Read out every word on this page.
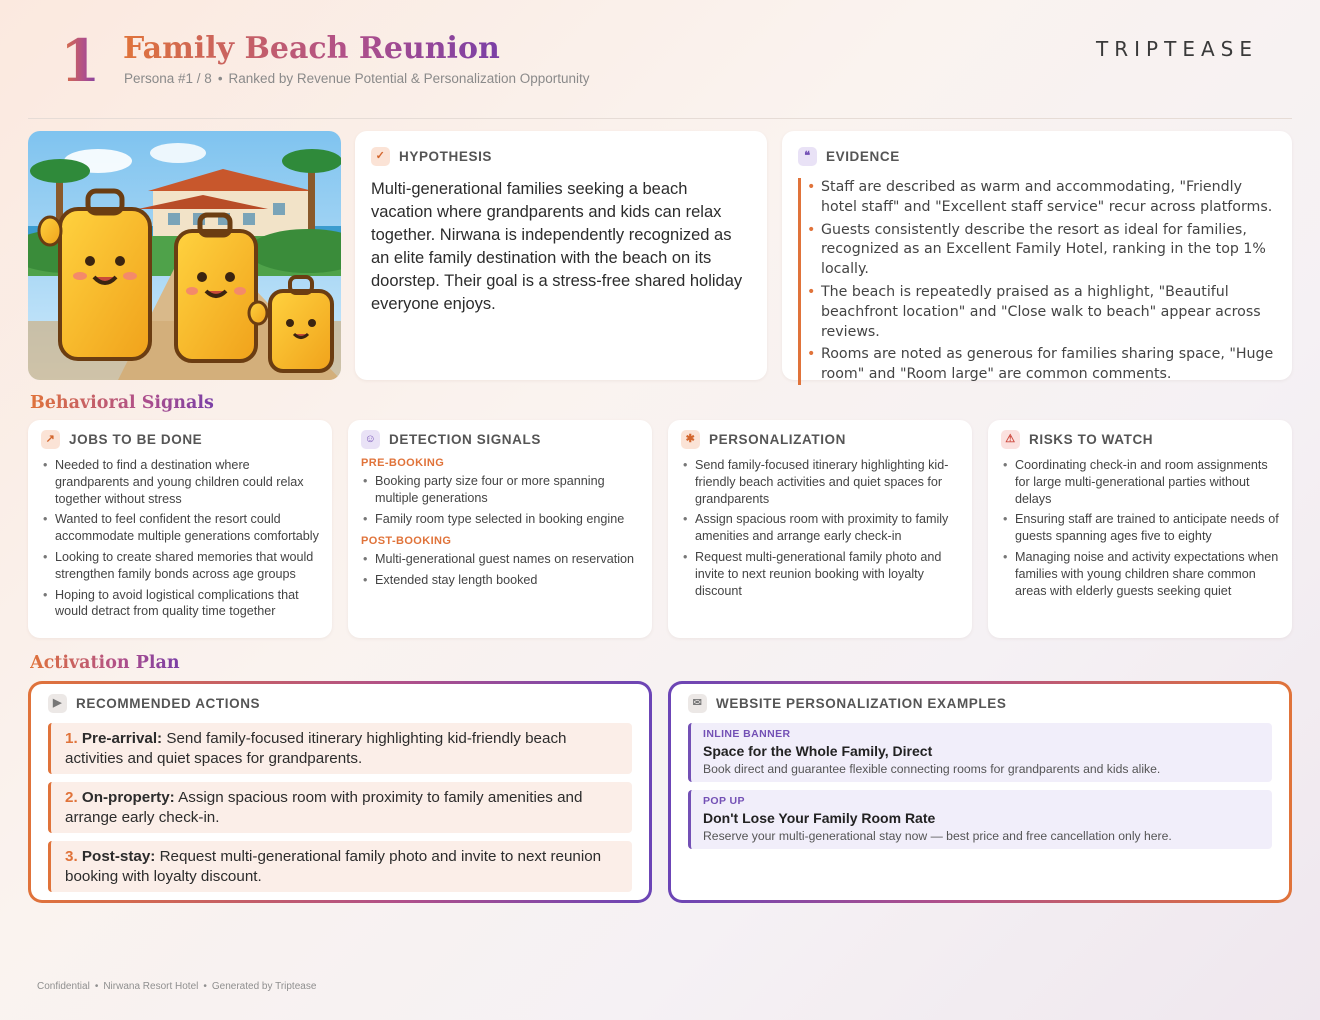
1 Family Beach Reunion
Persona #1 / 8 • Ranked by Revenue Potential & Personalization Opportunity
TRIPTEASE
✓	HYPOTHESIS
Multi-generational families seeking a beach vacation where grandparents and kids can relax together. Nirwana is independently recognized as an elite family destination with the beach on its doorstep. Their goal is a stress-free shared holiday everyone enjoys.
❝	EVIDENCE
• Staff are described as warm and accommodating, "Friendly hotel staff" and "Excellent staff service" recur across platforms.
• Guests consistently describe the resort as ideal for families, recognized as an Excellent Family Hotel, ranking in the top 1% locally.
• The beach is repeatedly praised as a highlight, "Beautiful beachfront location" and "Close walk to beach" appear across reviews.
• Rooms are noted as generous for families sharing space, "Huge room" and "Room large" are common comments.
Behavioral Signals
↗	JOBS TO BE DONE
• Needed to find a destination where grandparents and young children could relax together without stress
• Wanted to feel confident the resort could accommodate multiple generations comfortably
• Looking to create shared memories that would strengthen family bonds across age groups
• Hoping to avoid logistical complications that would detract from quality time together
☺ DETECTION SIGNALS
PRE-BOOKING
• Booking party size four or more spanning multiple generations
• Family room type selected in booking engine
POST-BOOKING
• Multi-generational guest names on reservation
• Extended stay length booked
✱	PERSONALIZATION
• Send family-focused itinerary highlighting kid-friendly beach activities and quiet spaces for grandparents
• Assign spacious room with proximity to family amenities and arrange early check-in
• Request multi-generational family photo and invite to next reunion booking with loyalty discount
⚠ RISKS TO WATCH
• Coordinating check-in and room assignments for large multi-generational parties without delays
• Ensuring staff are trained to anticipate needs of guests spanning ages five to eighty
• Managing noise and activity expectations when families with young children share common areas with elderly guests seeking quiet
Activation Plan
▶	RECOMMENDED ACTIONS
1. Pre-arrival: Send family-focused itinerary highlighting kid-friendly beach activities and quiet spaces for grandparents.
2. On-property: Assign spacious room with proximity to family amenities and arrange early check-in.
3. Post-stay: Request multi-generational family photo and invite to next reunion booking with loyalty discount.
✉	WEBSITE PERSONALIZATION EXAMPLES
INLINE BANNER
Space for the Whole Family, Direct
Book direct and guarantee flexible connecting rooms for grandparents and kids alike.
POP UP
Don't Lose Your Family Room Rate
Reserve your multi-generational stay now — best price and free cancellation only here.
Confidential • Nirwana Resort Hotel • Generated by Triptease
